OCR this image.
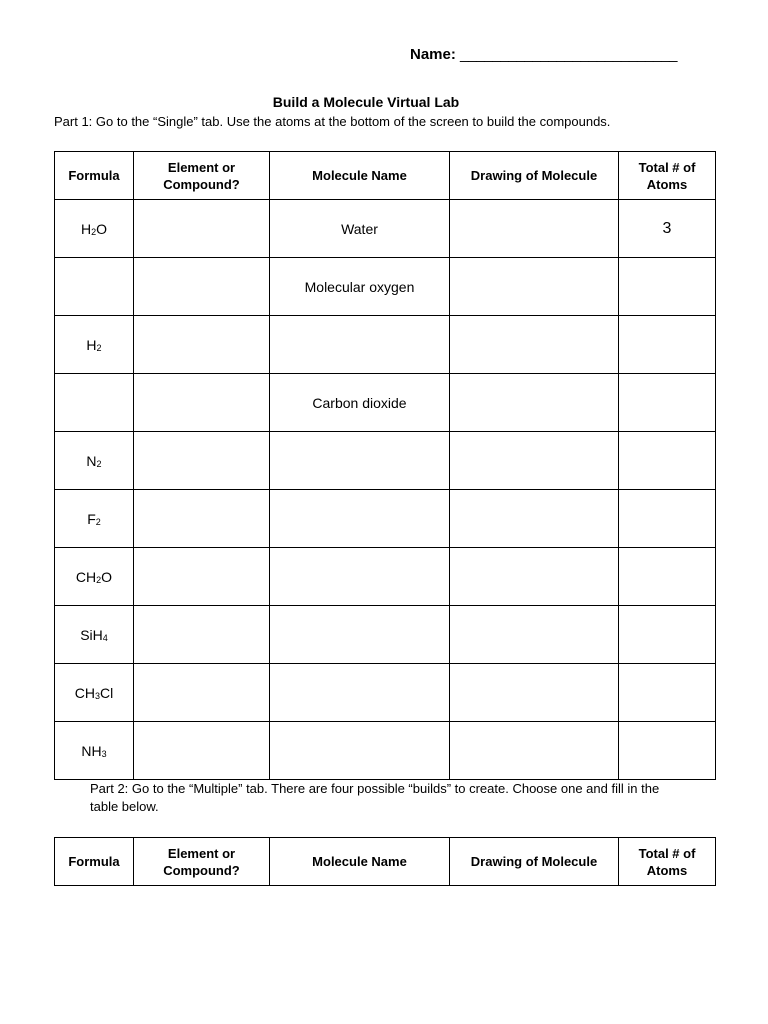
Name: ___________________________
Build a Molecule Virtual Lab
Part 1: Go to the “Single” tab. Use the atoms at the bottom of the screen to build the compounds.
Formula	Element or Compound?	Molecule Name	Drawing of Molecule	Total # of Atoms
$H_2O$		Water		3
		Molecular oxygen		
$H_2$				
		Carbon dioxide		
$N_2$				
$F_2$				
$CH_2O$				
SiH$_4$				
$CH_3Cl$				
$NH_3$				
Part 2: Go to the “Multiple” tab. There are four possible “builds” to create. Choose one and fill in the table below.
Formula	Element or Compound?	Molecule Name	Drawing of Molecule	Total # of Atoms
